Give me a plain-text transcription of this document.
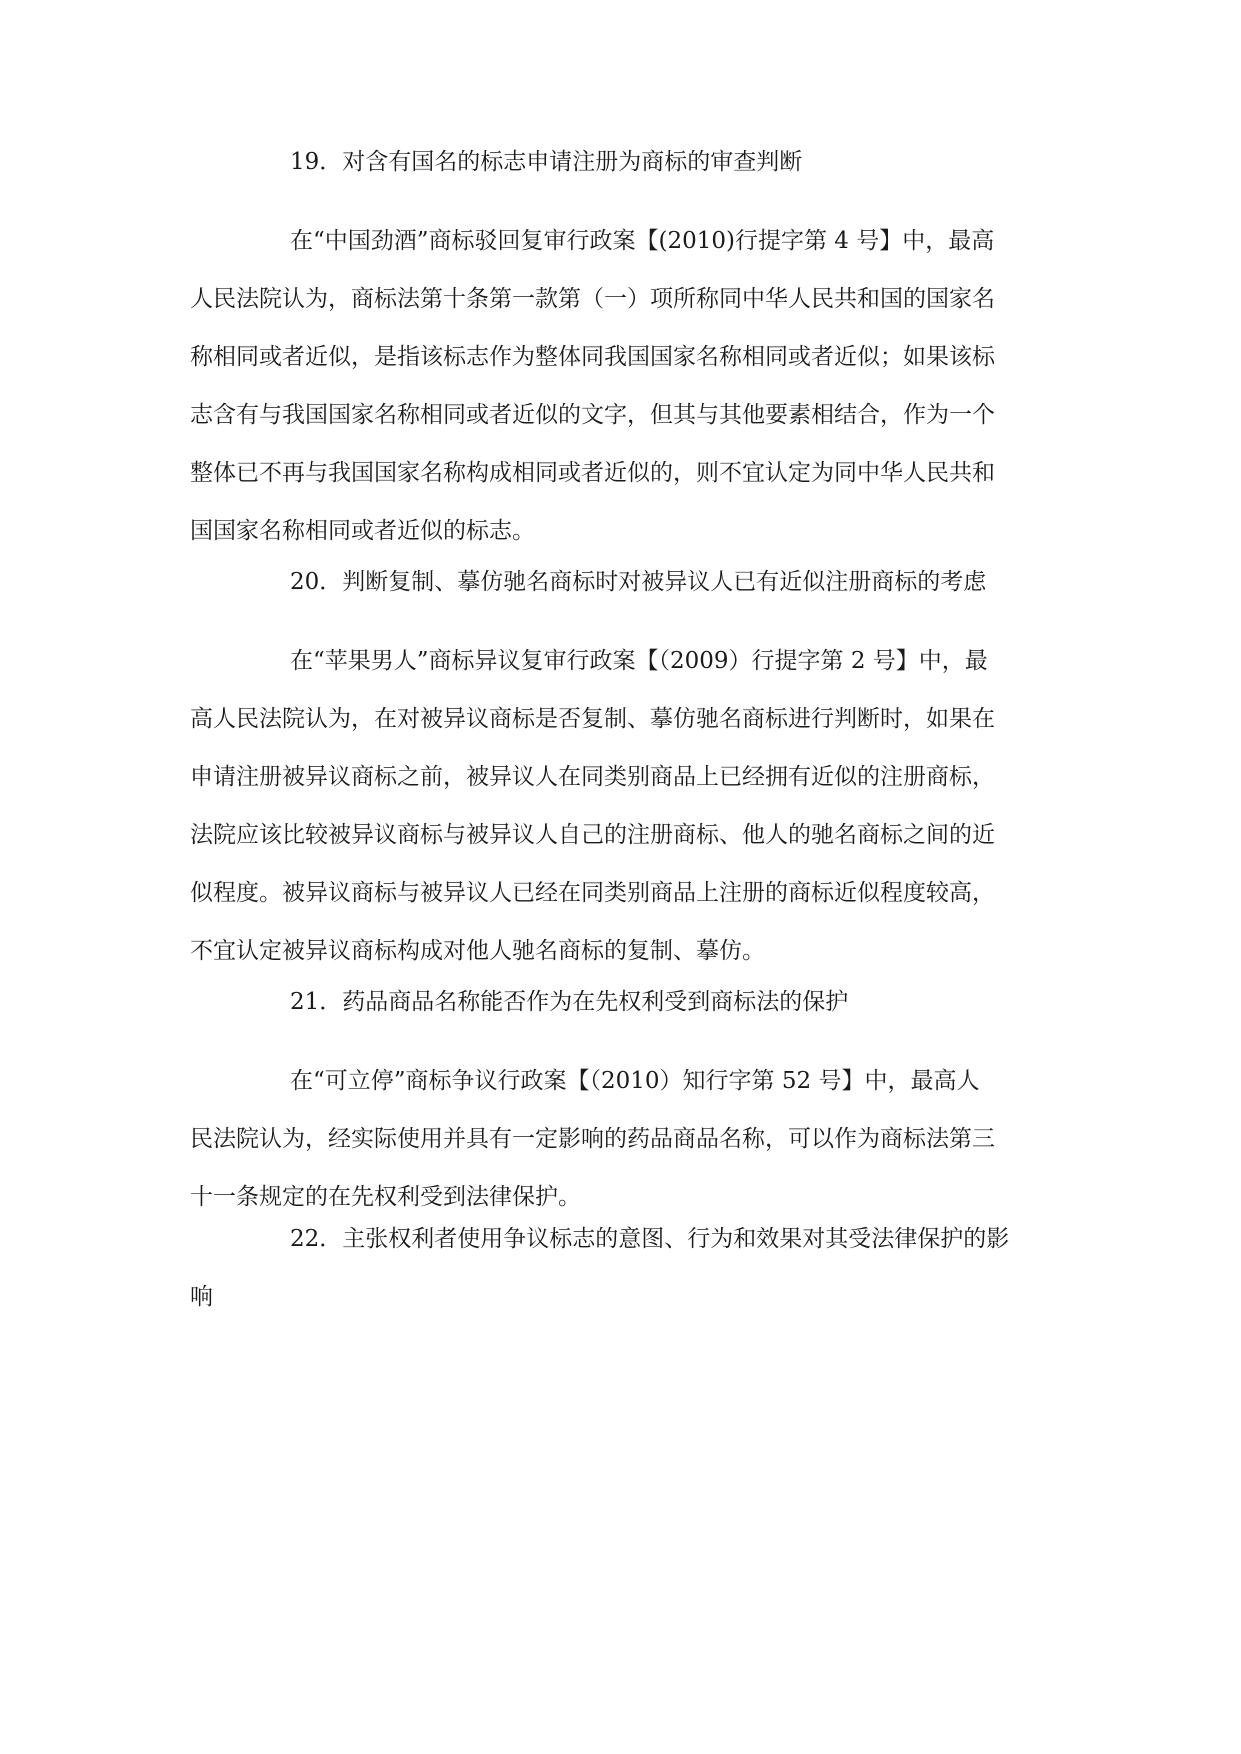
19．对含有国名的标志申请注册为商标的审查判断

在“中国劲酒”商标驳回复审行政案【(2010)行提字第 4 号】中，最高
人民法院认为，商标法第十条第一款第（一）项所称同中华人民共和国的国家名
称相同或者近似，是指该标志作为整体同我国国家名称相同或者近似；如果该标
志含有与我国国家名称相同或者近似的文字，但其与其他要素相结合，作为一个
整体已不再与我国国家名称构成相同或者近似的，则不宜认定为同中华人民共和
国国家名称相同或者近似的标志。

20．判断复制、摹仿驰名商标时对被异议人已有近似注册商标的考虑

在“苹果男人”商标异议复审行政案【（2009）行提字第 2 号】中，最
高人民法院认为，在对被异议商标是否复制、摹仿驰名商标进行判断时，如果在
申请注册被异议商标之前，被异议人在同类别商品上已经拥有近似的注册商标，
法院应该比较被异议商标与被异议人自己的注册商标、他人的驰名商标之间的近
似程度。被异议商标与被异议人已经在同类别商品上注册的商标近似程度较高，
不宜认定被异议商标构成对他人驰名商标的复制、摹仿。

21．药品商品名称能否作为在先权利受到商标法的保护

在“可立停”商标争议行政案【（2010）知行字第 52 号】中，最高人
民法院认为，经实际使用并具有一定影响的药品商品名称，可以作为商标法第三
十一条规定的在先权利受到法律保护。

22．主张权利者使用争议标志的意图、行为和效果对其受法律保护的影
响
